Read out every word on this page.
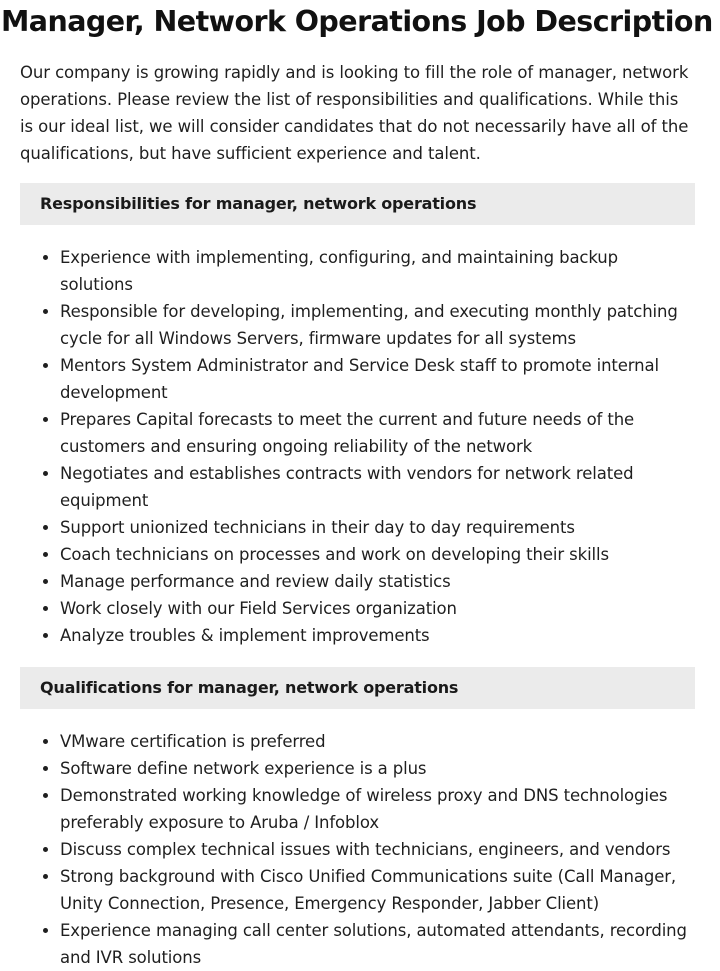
Manager, Network Operations Job Description

Our company is growing rapidly and is looking to fill the role of manager, network operations. Please review the list of responsibilities and qualifications. While this is our ideal list, we will consider candidates that do not necessarily have all of the qualifications, but have sufficient experience and talent.

Responsibilities for manager, network operations
• Experience with implementing, configuring, and maintaining backup solutions
• Responsible for developing, implementing, and executing monthly patching cycle for all Windows Servers, firmware updates for all systems
• Mentors System Administrator and Service Desk staff to promote internal development
• Prepares Capital forecasts to meet the current and future needs of the customers and ensuring ongoing reliability of the network
• Negotiates and establishes contracts with vendors for network related equipment
• Support unionized technicians in their day to day requirements
• Coach technicians on processes and work on developing their skills
• Manage performance and review daily statistics
• Work closely with our Field Services organization
• Analyze troubles & implement improvements
Qualifications for manager, network operations
• VMware certification is preferred
• Software define network experience is a plus
• Demonstrated working knowledge of wireless proxy and DNS technologies preferably exposure to Aruba / Infoblox
• Discuss complex technical issues with technicians, engineers, and vendors
• Strong background with Cisco Unified Communications suite (Call Manager, Unity Connection, Presence, Emergency Responder, Jabber Client)
• Experience managing call center solutions, automated attendants, recording and IVR solutions
